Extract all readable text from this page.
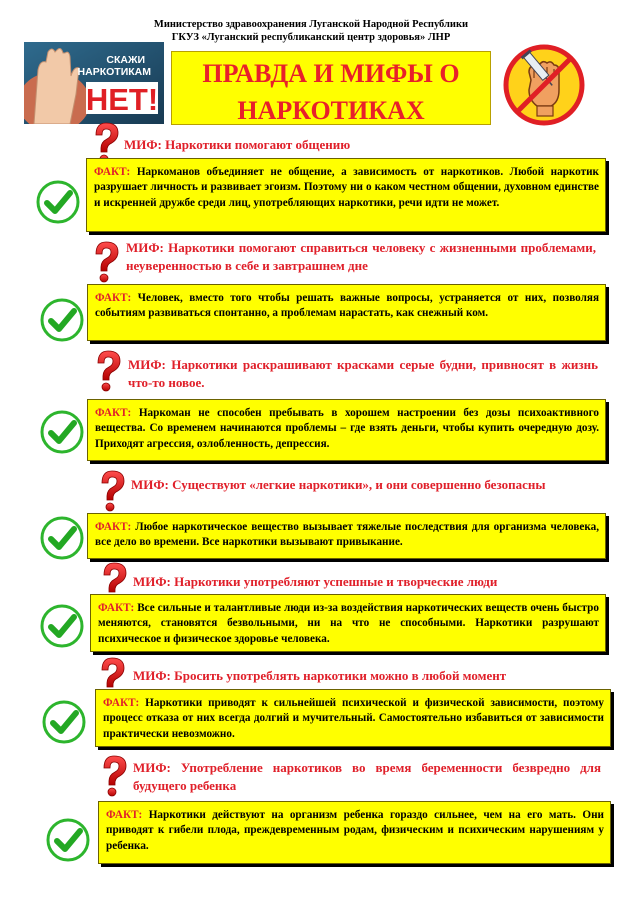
Министерство здравоохранения Луганской Народной Республики
ГКУЗ «Луганский республиканский центр здоровья» ЛНР
СКАЖИ
НАРКОТИКАМ
НЕТ!
ПРАВДА И МИФЫ О
НАРКОТИКАХ
МИФ: Наркотики помогают общению
ФАКТ: Наркоманов объединяет не общение, а зависимость от наркотиков. Любой наркотик разрушает личность и развивает эгоизм. Поэтому ни о каком честном общении, духовном единстве и искренней дружбе среди лиц, употребляющих наркотики, речи идти не может.
МИФ: Наркотики помогают справиться человеку с жизненными проблемами, неуверенностью в себе и завтрашнем дне
ФАКТ: Человек, вместо того чтобы решать важные вопросы, устраняется от них, позволяя событиям развиваться спонтанно, а проблемам нарастать, как снежный ком.
МИФ: Наркотики раскрашивают красками серые будни, привносят в жизнь что-то новое.
ФАКТ: Наркоман не способен пребывать в хорошем настроении без дозы психоактивного вещества. Со временем начинаются проблемы – где взять деньги, чтобы купить очередную дозу. Приходят агрессия, озлобленность, депрессия.
МИФ: Существуют «легкие наркотики», и они совершенно безопасны
ФАКТ: Любое наркотическое вещество вызывает тяжелые последствия для организма человека, все дело во времени. Все наркотики вызывают привыкание.
МИФ: Наркотики употребляют успешные и творческие люди
ФАКТ: Все сильные и талантливые люди из-за воздействия наркотических веществ очень быстро меняются, становятся безвольными, ни на что не способными. Наркотики разрушают психическое и физическое здоровье человека.
МИФ: Бросить употреблять наркотики можно в любой момент
ФАКТ: Наркотики приводят к сильнейшей психической и физической зависимости, поэтому процесс отказа от них всегда долгий и мучительный. Самостоятельно избавиться от зависимости практически невозможно.
МИФ: Употребление наркотиков во время беременности безвредно для будущего ребенка
ФАКТ: Наркотики действуют на организм ребенка гораздо сильнее, чем на его мать. Они приводят к гибели плода, преждевременным родам, физическим и психическим нарушениям у ребенка.
